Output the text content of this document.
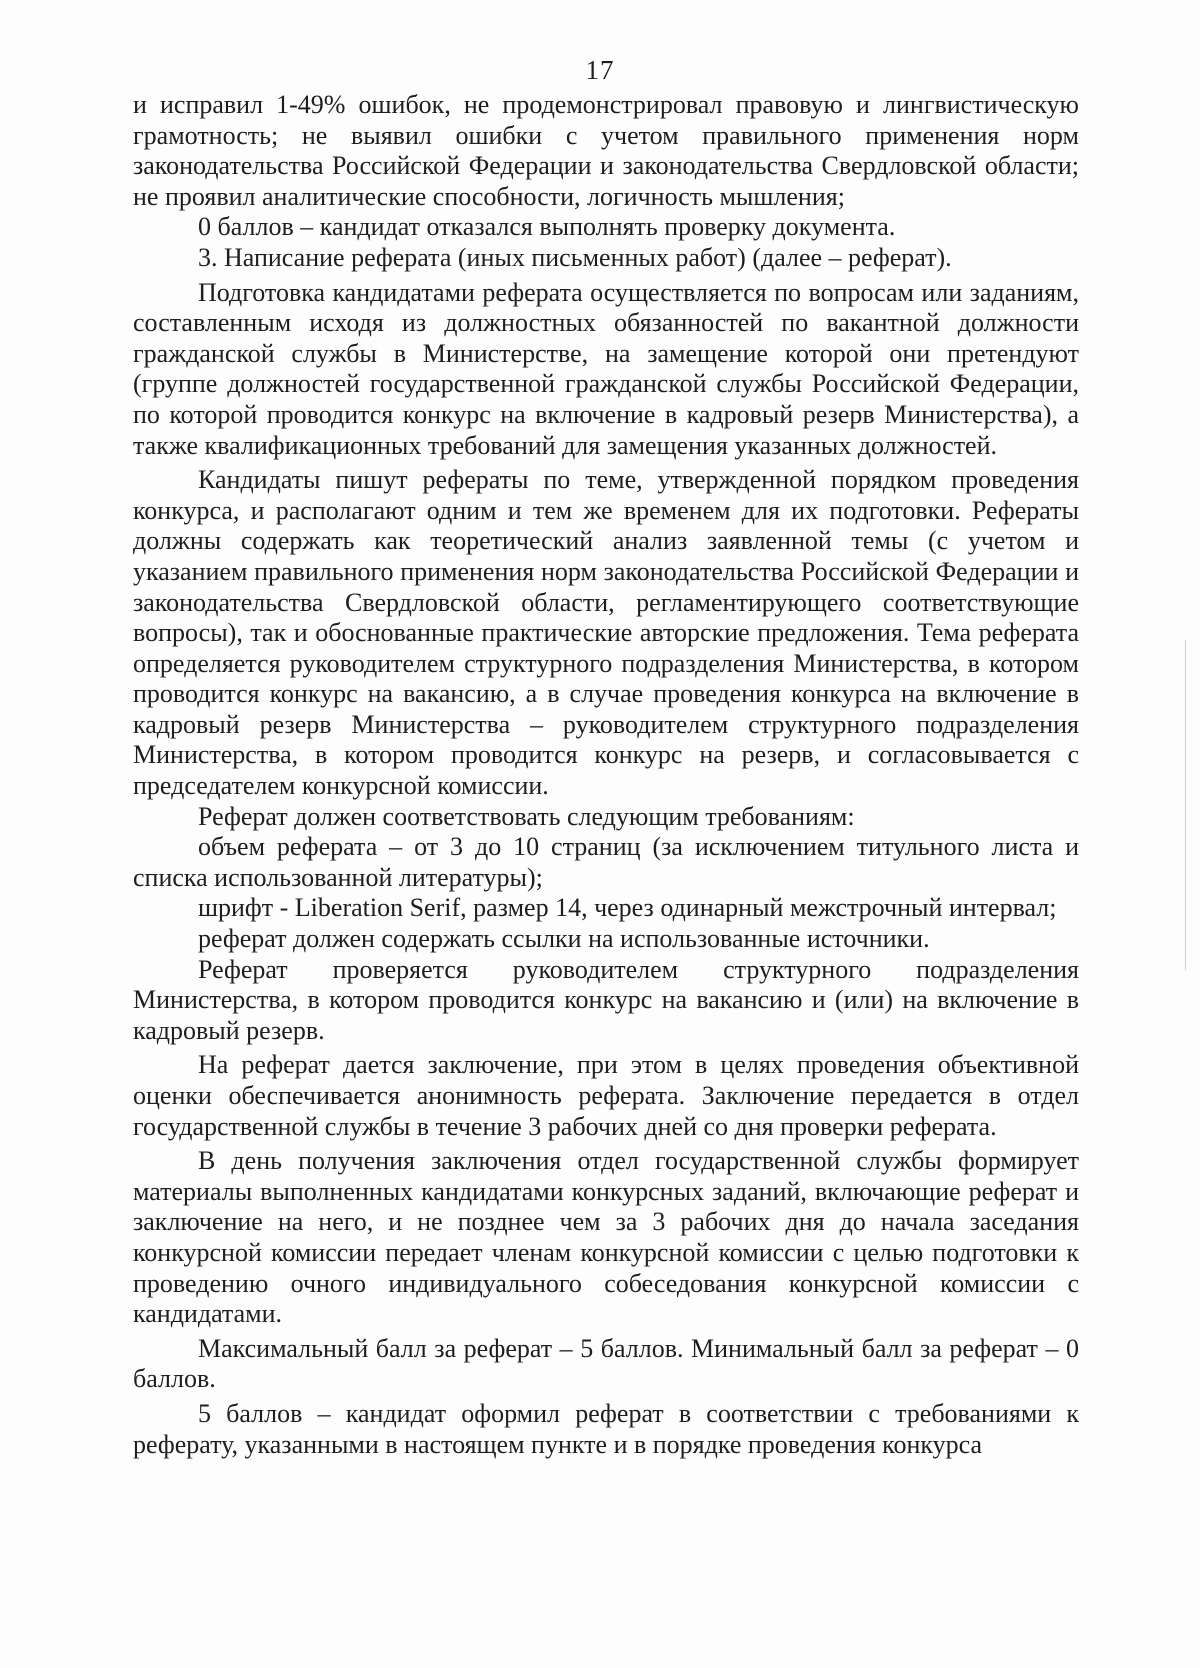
17

и исправил 1-49% ошибок, не продемонстрировал правовую и лингвистическую грамотность; не выявил ошибки с учетом правильного применения норм законодательства Российской Федерации и законодательства Свердловской области; не проявил аналитические способности, логичность мышления;

0 баллов – кандидат отказался выполнять проверку документа.

3. Написание реферата (иных письменных работ) (далее – реферат).

Подготовка кандидатами реферата осуществляется по вопросам или заданиям, составленным исходя из должностных обязанностей по вакантной должности гражданской службы в Министерстве, на замещение которой они претендуют (группе должностей государственной гражданской службы Российской Федерации, по которой проводится конкурс на включение в кадровый резерв Министерства), а также квалификационных требований для замещения указанных должностей.

Кандидаты пишут рефераты по теме, утвержденной порядком проведения конкурса, и располагают одним и тем же временем для их подготовки. Рефераты должны содержать как теоретический анализ заявленной темы (с учетом и указанием правильного применения норм законодательства Российской Федерации и законодательства Свердловской области, регламентирующего соответствующие вопросы), так и обоснованные практические авторские предложения. Тема реферата определяется руководителем структурного подразделения Министерства, в котором проводится конкурс на вакансию, а в случае проведения конкурса на включение в кадровый резерв Министерства – руководителем структурного подразделения Министерства, в котором проводится конкурс на резерв, и согласовывается с председателем конкурсной комиссии.

Реферат должен соответствовать следующим требованиям:

объем реферата – от 3 до 10 страниц (за исключением титульного листа и списка использованной литературы);

шрифт - Liberation Serif, размер 14, через одинарный межстрочный интервал;

реферат должен содержать ссылки на использованные источники.

Реферат проверяется руководителем структурного подразделения Министерства, в котором проводится конкурс на вакансию и (или) на включение в кадровый резерв.

На реферат дается заключение, при этом в целях проведения объективной оценки обеспечивается анонимность реферата. Заключение передается в отдел государственной службы в течение 3 рабочих дней со дня проверки реферата.

В день получения заключения отдел государственной службы формирует материалы выполненных кандидатами конкурсных заданий, включающие реферат и заключение на него, и не позднее чем за 3 рабочих дня до начала заседания конкурсной комиссии передает членам конкурсной комиссии с целью подготовки к проведению очного индивидуального собеседования конкурсной комиссии с кандидатами.

Максимальный балл за реферат – 5 баллов. Минимальный балл за реферат – 0 баллов.

5 баллов – кандидат оформил реферат в соответствии с требованиями к реферату, указанными в настоящем пункте и в порядке проведения конкурса
